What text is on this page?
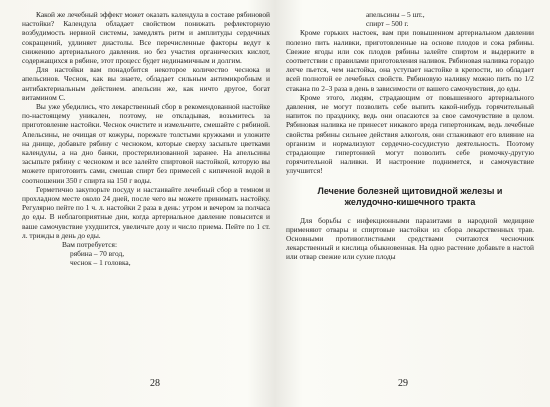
Какой же лечебный эффект может оказать календула в составе рябиновой настойки? Календула обладает свойством понижать рефлекторную возбудимость нервной системы, замедлять ритм и амплитуды сердечных сокращений, удлиняет диастолы. Все перечисленные факторы ведут к снижению артериального давления. но без участия органических кислот, содержащихся в рябине, этот процесс будет нединамичным и долгим.

Для настойки вам понадобится некоторое количество чеснока и апельсинов. Чеснок, как вы знаете, обладает сильным антимикробным и антибактериальным действием. апельсин же, как ничто другое, богат витамином С.

Вы уже убедились, что лекарственный сбор в рекомендованной настойке по-настоящему уникален, поэтому, не откладывая, возьмитесь за приготовление настойки. Чеснок очистите и измельчите, смешайте с рябиной. Апельсины, не очищая от кожуры, порежьте толстыми кружками и уложите на днище, добавьте рябину с чесноком, которые сверху засыпьте цветками календулы, а на дно банки, простерилизованной заранее. На апельсины засыпьте рябину с чесноком и все залейте спиртовой настойкой, которую вы можете приготовить сами, смешав спирт без примесей с кипяченой водой в соотношении 350 г спирта на 150 г воды.

Герметично закупорьте посуду и настаивайте лечебный сбор в темном и прохладном месте около 24 дней, после чего вы можете принимать настойку. Регулярно пейте по 1 ч. л. настойки 2 раза в день: утром и вечером за полчаса до еды. В неблагоприятные дни, когда артериальное давление повысится и ваше самочувствие ухудшится, увеличьте дозу и число приема. Пейте по 1 ст. л. трижды в день до еды.

Вам потребуется:
рябина – 70 вгод,
чеснок – 1 головка,
28
апельсины – 5 шт.,
спирт – 500 г.

Кроме горьких настоек, вам при повышенном артериальном давлении полезно пить наливки, приготовленные на основе плодов и сока рябины. Свежие ягоды или сок плодов рябины залейте спиртом и выдержите в соответствии с правилами приготовления наливок. Рябиновая наливка гораздо легче пьется, чем настойка, она уступает настойке в крепости, но обладает всей полнотой ее лечебных свойств. Рябиновую наливку можно пить по 1/2 стакана по 2–3 раза в день в зависимости от вашего самочувствия, до еды.

Кроме этого, людям, страдающим от повышенного артериального давления, не могут позволить себе выпить какой-нибудь горячительный напиток по празднику, ведь они опасаются за свое самочувствие в целом. Рябиновая наливка не принесет никакого вреда гипертоникам, ведь лечебные свойства рябины сильнее действия алкоголя, они сглаживают его влияние на организм и нормализуют сердечно-сосудистую деятельность. Поэтому страдающие гипертонией могут позволить себе рюмочку-другую горячительной наливки. И настроение поднимется, и самочувствие улучшится!

Лечение болезней щитовидной железы и желудочно-кишечного тракта

Для борьбы с инфекционными паразитами в народной медицине применяют отвары и спиртовые настойки из сбора лекарственных трав. Основными противоглистными средствами считаются чесночник лекарственный и кислица обыкновенная. На одно растение добавьте в настой или отвар свежие или сухие плоды

29
